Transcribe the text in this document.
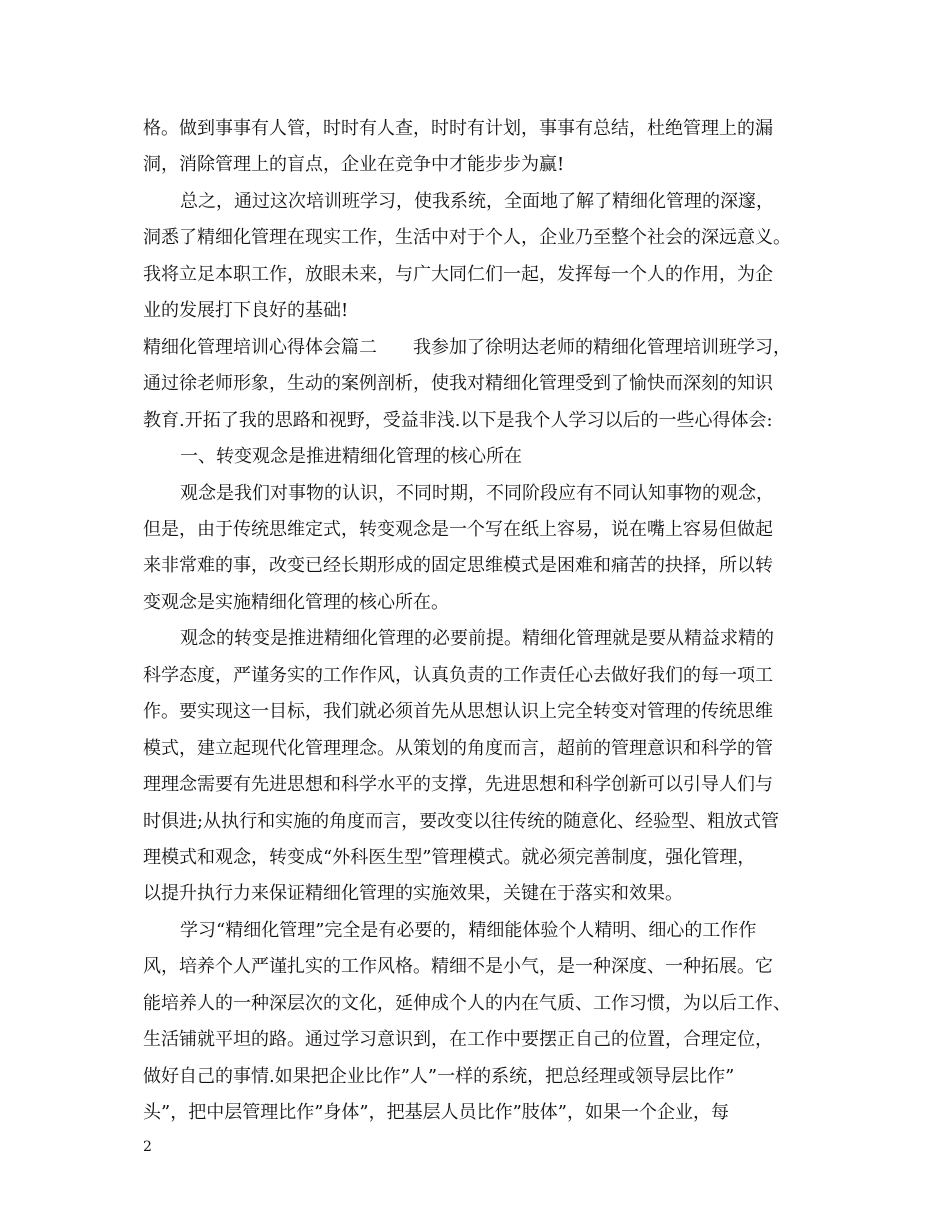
格。做到事事有人管，时时有人查，时时有计划，事事有总结，杜绝管理上的漏
洞，消除管理上的盲点，企业在竞争中才能步步为赢!
总之，通过这次培训班学习，使我系统，全面地了解了精细化管理的深邃，
洞悉了精细化管理在现实工作，生活中对于个人，企业乃至整个社会的深远意义。
我将立足本职工作，放眼未来，与广大同仁们一起，发挥每一个人的作用，为企
业的发展打下良好的基础!
精细化管理培训心得体会篇二　　我参加了徐明达老师的精细化管理培训班学习，
通过徐老师形象，生动的案例剖析，使我对精细化管理受到了愉快而深刻的知识
教育.开拓了我的思路和视野，受益非浅.以下是我个人学习以后的一些心得体会:
一、转变观念是推进精细化管理的核心所在
观念是我们对事物的认识，不同时期，不同阶段应有不同认知事物的观念，
但是，由于传统思维定式，转变观念是一个写在纸上容易，说在嘴上容易但做起
来非常难的事，改变已经长期形成的固定思维模式是困难和痛苦的抉择，所以转
变观念是实施精细化管理的核心所在。
观念的转变是推进精细化管理的必要前提。精细化管理就是要从精益求精的
科学态度，严谨务实的工作作风，认真负责的工作责任心去做好我们的每一项工
作。要实现这一目标，我们就必须首先从思想认识上完全转变对管理的传统思维
模式，建立起现代化管理理念。从策划的角度而言，超前的管理意识和科学的管
理理念需要有先进思想和科学水平的支撑，先进思想和科学创新可以引导人们与
时俱进;从执行和实施的角度而言，要改变以往传统的随意化、经验型、粗放式管
理模式和观念，转变成“外科医生型”管理模式。就必须完善制度，强化管理，
以提升执行力来保证精细化管理的实施效果，关键在于落实和效果。
学习“精细化管理”完全是有必要的，精细能体验个人精明、细心的工作作
风，培养个人严谨扎实的工作风格。精细不是小气，是一种深度、一种拓展。它
能培养人的一种深层次的文化，延伸成个人的内在气质、工作习惯，为以后工作、
生活铺就平坦的路。通过学习意识到，在工作中要摆正自己的位置，合理定位，
做好自己的事情.如果把企业比作”人”一样的系统，把总经理或领导层比作”
头”，把中层管理比作”身体”，把基层人员比作”肢体”，如果一个企业，每
2
